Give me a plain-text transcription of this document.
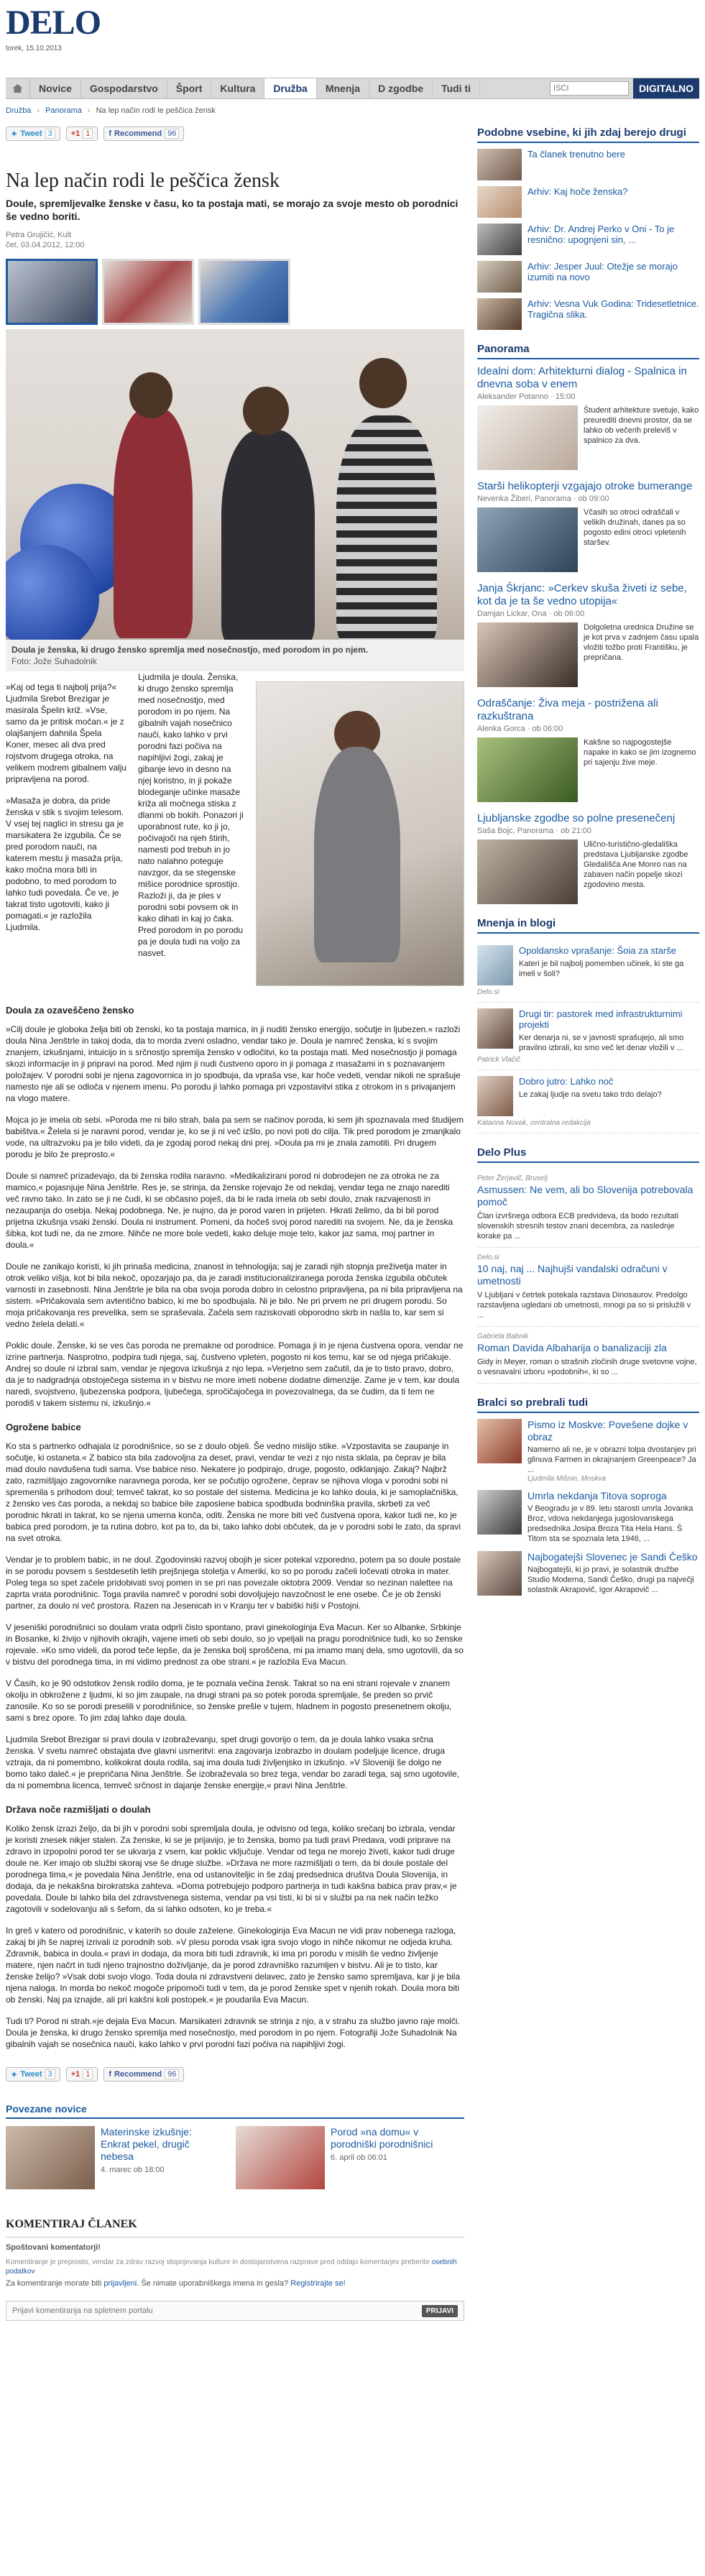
DELO
torek, 15.10.2013
Novice	Gospodarstvo	Šport	Kultura	Družba	Mnenja	D zgodbe	Tudi ti
IŠČI	DIGITALNO
Družba › Panorama › Na lep način rodi le peščica žensk
✦ Tweet 3	+1 1	f Recommend 96
Na lep način rodi le peščica žensk
Doule, spremljevalke ženske v času, ko ta postaja mati, se morajo za svoje mesto ob porodnici še vedno boriti.
Petra Grujičić, Kult
čet, 03.04.2012, 12:00
Doula je ženska, ki drugo žensko spremlja med nosečnostjo, med porodom in po njem.
Foto: Jože Suhadolnik

»Kaj od tega ti najbolj prija?« Ljudmila Srebot Brezigar je masirala Špelin križ. »Vse, samo da je pritisk močan.« je z olajšanjem dahnila Špela Koner, mesec ali dva pred rojstvom drugega otroka, na velikem modrem gibalnem valju pripravljena na porod.

»Masaža je dobra, da pride ženska v stik s svojim telesom. V vsej tej naglici in stresu ga je marsikatera že izgubila. Če se pred porodom nauči, na katerem mestu ji masaža prija, kako močna mora biti in podobno, to med porodom to lahko tudi povedala. Če ve, je takrat tisto ugotoviti, kako ji pomagati.« je razložila Ljudmila.

Ljudmila je doula. Ženska, ki drugo žensko spremlja med nosečnostjo, med porodom in po njem. Na gibalnih vajah nosečnico nauči, kako lahko v prvi porodni fazi počiva na napihljivi žogi, zakaj je gibanje levo in desno na njej koristno, in ji pokaže blodeganje učinke masaže križa ali močnega stiska z dlanmi ob bokih. Ponazori ji uporabnost rute, ko ji jo, počivajoči na njeh štirih, namesti pod trebuh in jo nato nalahno poteguje navzgor, da se stegenske mišice porodnice sprostijo. Razloži ji, da je ples v porodni sobi povsem ok in kako dihati in kaj jo čaka. Pred porodom in po porodu pa je doula tudi na voljo za nasvet.

Doula za ozaveščeno žensko

»Cilj doule je globoka želja biti ob ženski, ko ta postaja mamica, in ji nuditi žensko energijo, sočutje in ljubezen.« razloži doula Nina Jenštrle in takoj doda, da to morda zveni osladno, vendar tako je. Doula je namreč ženska, ki s svojim znanjem, izkušnjami, intuicijo in s srčnostjo spremlja žensko v odločitvi, ko ta postaja mati. Med nosečnostjo ji pomaga skozi informacije in ji pripravi na porod. Med njim ji nudi čustveno oporo in ji pomaga z masažami in s poznavanjem položajev. V porodni sobi je njena zagovornica in jo spodbuja, da vpraša vse, kar hoče vedeti, vendar nikoli ne sprašuje namesto nje ali se odloča v njenem imenu. Po porodu ji lahko pomaga pri vzpostavitvi stika z otrokom in s privajanjem na vlogo matere.

Mojca jo je imela ob sebi. »Poroda me ni bilo strah, bala pa sem se načinov poroda, ki sem jih spoznavala med študijem babištva.« Želela si je naravni porod, vendar je, ko se ji ni več izšlo, po novi poti do cilja. Tik pred porodom je zmanjkalo vode, na ultrazvoku pa je bilo videti, da je zgodaj porod nekaj dni prej. »Doula pa mi je znala zamotiti. Pri drugem porodu je bilo že preprosto.«

Doule si namreč prizadevajo, da bi ženska rodila naravno. »Medikalizirani porod ni dobrodejen ne za otroka ne za mamico,« pojasnjuje Nina Jenštrle. Res je, se strinja, da ženske rojevajo že od nekdaj, vendar tega ne znajo narediti več ravno tako. In zato se ji ne čudi, ki se občasno poješ, da bi le rada imela ob sebi doulo, znak razvajenosti in nezaupanja do osebja. Nekaj podobnega. Ne, je nujno, da je porod varen in prijeten. Hkrati želimo, da bi bil porod prijetna izkušnja vsaki ženski. Doula ni instrument. Pomeni, da hočeš svoj porod narediti na svojem. Ne, da je ženska šibka, kot tudi ne, da ne zmore. Nihče ne more bole vedeti, kako deluje moje telo, kakor jaz sama, moj partner in doula.«

Doule ne zanikajo koristi, ki jih prinaša medicina, znanost in tehnologija; saj je zaradi njih stopnja preživetja mater in otrok veliko višja, kot bi bila nekoč, opozarjajo pa, da je zaradi institucionaliziranega poroda ženska izgubila občutek varnosti in zasebnosti. Nina Jenštrle je bila na oba svoja poroda dobro in celostno pripravljena, pa ni bila pripravljena na sistem. »Pričakovala sem avtentično babico, ki me bo spodbujala. Ni je bilo. Ne pri prvem ne pri drugem porodu. So moja pričakovanja res prevelika, sem se spraševala. Začela sem raziskovati obporodno skrb in našla to, kar sem si vedno želela delati.«

Poklic doule. Ženske, ki se ves čas poroda ne premakne od porodnice. Pomaga ji in je njena čustvena opora, vendar ne izrine partnerja. Nasprotno, podpira tudi njega, saj, čustveno vpleten, pogosto ni kos temu, kar se od njega pričakuje. Andrej so doule ni izbral sam, vendar je njegova izkušnja z njo lepa. »Verjetno sem začutil, da je to tisto pravo, dobro, da je to nadgradnja obstoječega sistema in v bistvu ne more imeti nobene dodatne dimenzije. Zame je v tem, kar doula naredi, svojstveno, ljubezenska podpora, ljubečega, spročičajočega in povezovalnega, da se čudim, da ti tem ne porodiš v takem sistemu ni, izkušnjo.«

Ogrožene babice

Ko sta s partnerko odhajala iz porodnišnice, so se z doulo objeli. Še vedno mislijo stike. »Vzpostavita se zaupanje in sočutje, ki ostaneta.« Z babico sta bila zadovoljna za deset, pravi, vendar te vezi z njo nista sklala, pa čeprav je bila mad doulo navdušena tudi sama. Vse babice niso. Nekatere jo podpirajo, druge, pogosto, odklanjajo. Zakaj? Najbrž zato, razmišljajo zagovornike naravnega poroda, ker se počutijo ogrožene, čeprav se njihova vloga v porodni sobi ni spremenila s prihodom doul; temveč takrat, ko so postale del sistema. Medicina je ko lahko doula, ki je samoplačniška, z žensko ves čas poroda, a nekdaj so babice bile zaposlene babica spodbuda bodninška pravila, skrbeti za več porodnic hkrati in takrat, ko se njena umerna konča, oditi. Ženska ne more biti več čustvena opora, kakor tudi ne, ko je babica pred porodom, je ta rutina dobro, kot pa to, da bi, tako lahko dobi občutek, da je v porodni sobi le zato, da spravi na svet otroka.

Vendar je to problem babic, in ne doul. Zgodovinski razvoj obojih je sicer potekal vzporedno, potem pa so doule postale in se porodu povsem s šestdesetih letih prejšnjega stoletja v Ameriki, ko so po porodu začeli ločevati otroka in mater. Poleg tega so spet začele pridobivati svoj pomen in se pri nas povezale oktobra 2009. Vendar so nezinan nalettee na zaprta vrata porodnišnic. Toga pravila namreč v porodni sobi dovoljujejo navzočnost le ene osebe. Če je ob ženski partner, za doulo ni več prostora. Razen na Jesenicah in v Kranju ter v babiški hiši v Postojni.

V jeseniški porodnišnici so doulam vrata odprli čisto spontano, pravi ginekologinja Eva Macun. Ker so Albanke, Srbkinje in Bosanke, ki živijo v njihovih okrajih, vajene imeti ob sebi doulo, so jo vpeljali na pragu porodnišnice tudi, ko so ženske rojevale. »Ko smo videli, da porod teče lepše, da je ženska bolj sproščena, mi pa imamo manj dela, smo ugotovili, da so v bistvu del porodnega tima, in mi vidimo prednost za obe strani.« je razložila Eva Macun.

V Časih, ko je 90 odstotkov žensk rodilo doma, je te poznala večina žensk. Takrat so na eni strani rojevale v znanem okolju in obkrožene z ljudmi, ki so jim zaupale, na drugi strani pa so potek poroda spremljale, še preden so prvič zanosile. Ko so se porodi preselili v porodnišnice, so ženske prešle v tujem, hladnem in pogosto presenetnem okolju, sami s brez opore. To jim zdaj lahko daje doula.

Ljudmila Srebot Brezigar si pravi doula v izobraževanju, spet drugi govorijo o tem, da je doula lahko vsaka srčna ženska. V svetu namreč obstajata dve glavni usmeritvi: ena zagovarja izobrazbo in doulam podeljuje licence, druga vztraja, da ni pomembno, kolikokrat doula rodila, saj ima doula tudi življenjsko in izkušnjo. »V Sloveniji še dolgo ne bomo tako daleč.« je prepričana Nina Jenštrle. Še izobraževala so brez tega, vendar bo zaradi tega, saj smo ugotovile, da ni pomembna licenca, temveč srčnost in dajanje ženske energije,« pravi Nina Jenštrle.

Država noče razmišljati o doulah

Koliko žensk izrazi željo, da bi jih v porodni sobi spremljala doula, je odvisno od tega, koliko srečanj bo izbrala, vendar je koristi znesek nikjer stalen. Za ženske, ki se je prijavijo, je to ženska, bomo pa tudi pravi Predava, vodi priprave na zdravo in izpopolni porod ter se ukvarja z vsem, kar poklic vključuje. Vendar od tega ne morejo živeti, kakor tudi druge doule ne. Ker imajo ob službi skoraj vse še druge službe. »Država ne more razmišljati o tem, da bi doule postale del porodnega tima,« je povedala Nina Jenštrle, ena od ustanoviteljic in še zdaj predsednica društva Doula Slovenija, in dodaja, da je nekakšna birokratska zahteva. »Doma potrebujejo podporo partnerja in tudi kakšna babica prav prav,« je povedala. Doule bi lahko bila del zdravstvenega sistema, vendar pa vsi tisti, ki bi si v službi pa na nek način težko zagotovili v sodelovanju ali s šefom, da si lahko odsoten, ko je treba.«

In greš v katero od porodnišnic, v katerih so doule zaželene. Ginekologinja Eva Macun ne vidi prav nobenega razloga, zakaj bi jih še naprej izrivali iz porodnih sob. »V plesu poroda vsak igra svojo vlogo in nihče nikomur ne odjeda kruha. Zdravnik, babica in doula.« pravi in dodaja, da mora biti tudi zdravnik, ki ima pri porodu v mislih še vedno življenje matere, njen načrt in tudi njeno trajnostno doživljanje, da je porod zdravniško razumljen v bistvu. Ali je to tisto, kar ženske želijo? »Vsak dobi svojo vlogo. Toda doula ni zdravstveni delavec, zato je žensko samo spremljava, kar ji je bila njena naloga. In morda bo nekoč mogoče pripomoči tudi v tem, da je porod ženske spet v njenih rokah. Doula mora biti ob ženski. Naj pa iznajde, ali pri kakšni koli postopek.« je poudarila Eva Macun.

Tudi ti? Porod ni strah.«je dejala Eva Macun. Marsikateri zdravnik se strinja z njo, a v strahu za službo javno raje molči. Doula je ženska, ki drugo žensko spremlja med nosečnostjo, med porodom in po njem. Fotografiji Jože Suhadolnik Na gibalnih vajah se nosečnica nauči, kako lahko v prvi porodni fazi počiva na napihljivi žogi.

✦ Tweet 3	+1 1	f Recommend 96
Povezane novice
Materinske izkušnje: Enkrat pekel, drugič nebesa
4. marec ob 18:00
Porod »na domu« v porodniški porodnišnici
6. april ob 06:01
KOMENTIRAJ ČLANEK
Spoštovani komentatorji!
Komentiranje je preprosto, vendar za zdrav razvoj stopnjevanja kulture in dostojanstvena razprave pred oddajo komentarjev preberite osebnih podatkov
Za komentiranje morate biti prijavljeni. Še nimate uporabniškega imena in gesla? Registrirajte se!
Prijavi komentiranja na spletnem portalu	PRIJAVI
Podobne vsebine, ki jih zdaj berejo drugi
Ta članek trenutno bere
Arhiv: Kaj hoče ženska?
Arhiv: Dr. Andrej Perko v Oni - To je resnično: upognjeni sin, ...
Arhiv: Jesper Juul: Otežje se morajo izumiti na novo
Arhiv: Vesna Vuk Godina: Tridesetletnice. Tragična slika.
Panorama
Idealni dom: Arhitekturni dialog - Spalnica in dnevna soba v enem
Aleksander Potanno · 15:00
Študent arhitekture svetuje, kako preurediti dnevni prostor, da se lahko ob večerih preleviš v spalnico za dva.
Starši helikopterji vzgajajo otroke bumerange
Nevenka Žiberi, Panorama · ob 09:00
Včasih so otroci odraščali v velikih družinah, danes pa so pogosto edini otroci vpletenih staršev.
Janja Škrjanc: »Cerkev skuša živeti iz sebe, kot da je ta še vedno utopija«
Damjan Lickar, Ona · ob 06:00
Dolgoletna urednica Družine se je kot prva v zadnjem času upala vložiti tožbo proti Františku, je prepričana.
Odraščanje: Živa meja - postrižena ali razkuštrana
Alenka Gorca · ob 06:00
Kakšne so najpogostejše napake in kako se jim izognemo pri sajenju žive meje.
Ljubljanske zgodbe so polne presenečenj
Saša Bojc, Panorama · ob 21:00
Ulično-turistično-gledališka predstava Ljubljanske zgodbe Gledališča Ane Monro nas na zabaven način popelje skozi zgodovino mesta.
Mnenja in blogi
Opoldansko vprašanje: Šoia za starše
Kateri je bil najbolj pomemben učinek, ki ste ga imeli v šoli?
Delo.si
Drugi tir: pastorek med infrastrukturnimi projekti
Ker denarja ni, se v javnosti sprašujejo, ali smo pravilno izbrali, ko smo več let denar vložili v ...
Patrick Vlačič
Dobro jutro: Lahko noč
Le zakaj ljudje na svetu tako trdo delajo?
Katarina Novak, centralna redakcija
Delo Plus
Peter Žerjavič, Bruselj
Asmussen: Ne vem, ali bo Slovenija potrebovala pomoč
Član izvršnega odbora ECB predvideva, da bodo rezultati slovenskih stresnih testov znani decembra, za naslednje korake pa ...
Delo.si
10 naj, naj ... Najhujši vandalski odračuni v umetnosti
V Ljubljani v četrtek potekala razstava Dinosaurov. Predolgo razstavljena ugledani ob umetnosti, mnogi pa so si prislužili v ...
Gabriela Babnik
Roman Davida Albaharija o banalizaciji zla
Gidy in Meyer, roman o strašnih zločinih druge svetovne vojne, o vesnavalni izboru »podobnih«, ki so ...
Bralci so prebrali tudi
Pismo iz Moskve: Povešene dojke v obraz
Namerno ali ne, je v obrazni tolpa dvostanjev pri glinuva Farmen in okrajnanjem Greenpeace? Ja ...
Ljudmila Mišnin, Moskva
Umrla nekdanja Titova soproga
V Beogradu je v 89. letu starosti umrla Jovanka Broz, vdova nekdanjega jugoslovanskega predsednika Josipa Broza Tita Hela Hans. Š Titom sta se spoznala leta 1946, ...
Najbogatejši Slovenec je Sandi Češko
Najbogatejši, ki jo pravi, je solastnik družbe Studio Moderna, Sandi Češko, drugi pa največji solastnik Akrapovič, Igor Akrapovič ...
